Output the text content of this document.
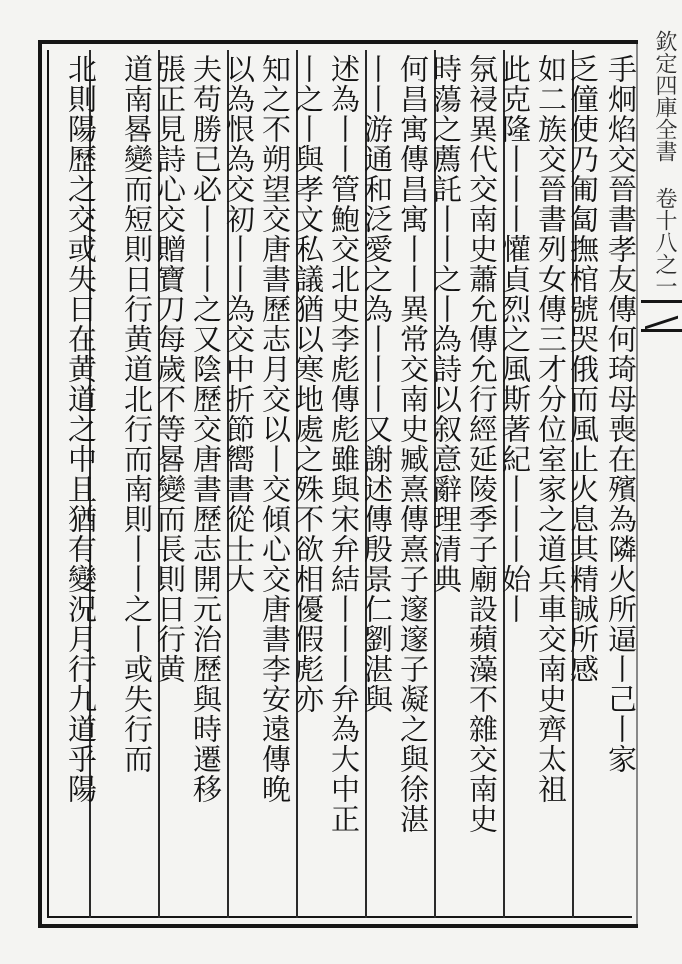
欽定四庫全書 卷十八之一
手炯焰交晉書孝友傳何琦母喪在殯為隣火所逼丨己丨家
乏僮使乃匍匐撫棺號哭俄而風止火息其精誠所感
如二族交晉書列女傳三才分位室家之道兵車交南史齊太祖
此克隆丨丨丨懽貞烈之風斯著紀丨丨丨始丨
氛祲異代交南史蕭允傳允行經延陵季子廟設蘋藻不雜交南史
時蕩之薦託丨丨之丨為詩以叙意辭理清典
何昌寓傳昌寓丨丨異常交南史臧熹傳熹子邃邃子凝之與徐湛
丨丨游通和泛愛之為丨丨丨又謝述傳殷景仁劉湛與
述為丨丨管鮑交北史李彪傳彪雖與宋弁結丨丨丨弁為大中正
丨之丨與孝文私議猶以寒地處之殊不欲相優假彪亦
知之不朔望交唐書歷志月交以丨交傾心交唐書李安遠傳晚
以為恨為交初丨丨為交中折節嚮書從士大
夫苟勝已必丨丨丨之又陰歷交唐書歷志開元治歷與時遷移
張正見詩心交贈寶刀每歲不等晷變而長則日行黄
道南晷變而短則日行黄道北行而南則丨丨之丨或失行而
北則陽歷之交或失日在黄道之中且猶有變況月行九道乎陽
